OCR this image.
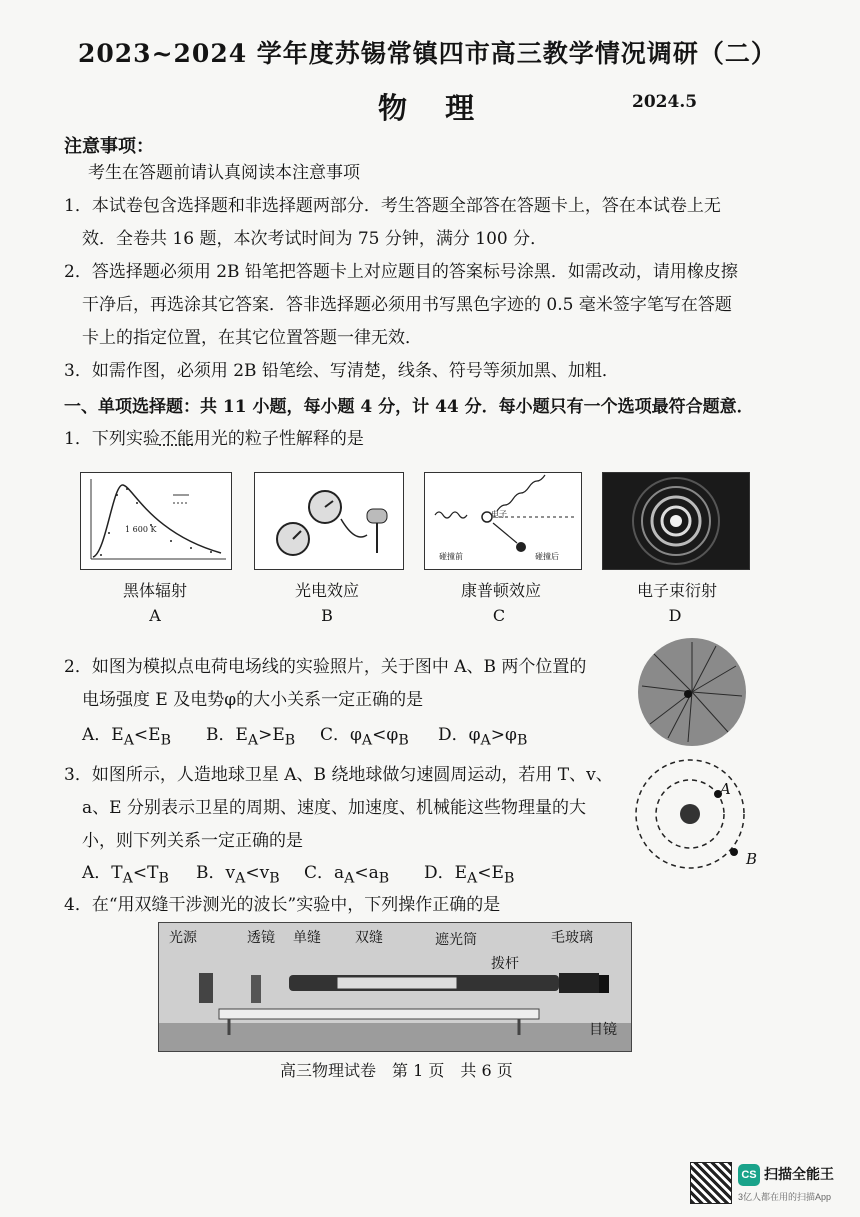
2023~2024 学年度苏锡常镇四市高三教学情况调研（二）
物 理	2024.5
注意事项：
考生在答题前请认真阅读本注意事项
1．本试卷包含选择题和非选择题两部分．考生答题全部答在答题卡上，答在本试卷上无
效．全卷共 16 题，本次考试时间为 75 分钟，满分 100 分．
2．答选择题必须用 2B 铅笔把答题卡上对应题目的答案标号涂黑．如需改动，请用橡皮擦
干净后，再选涂其它答案．答非选择题必须用书写黑色字迹的 0.5 毫米签字笔写在答题
卡上的指定位置，在其它位置答题一律无效．
3．如需作图，必须用 2B 铅笔绘、写清楚，线条、符号等须加黑、加粗．
一、单项选择题：共 11 小题，每小题 4 分，计 44 分．每小题只有一个选项最符合题意．
1．下列实验不能用光的粒子性解释的是
1 600 K
黑体辐射
A
光电效应
B
电子
碰撞前	碰撞后
康普顿效应
C
电子束衍射
D
2．如图为模拟点电荷电场线的实验照片，关于图中 A、B 两个位置的
电场强度 E 及电势φ的大小关系一定正确的是
A．$E_A<E_B$ B．$E_A>E_B$ C．$\varphi_A<\varphi_B$ D．$\varphi_A>\varphi_B$
3．如图所示，人造地球卫星 A、B 绕地球做匀速圆周运动，若用 T、v、
a、E 分别表示卫星的周期、速度、加速度、机械能这些物理量的大
小，则下列关系一定正确的是
A．$T_A<T_B$ B．$v_A<v_B$ C．$a_A<a_B$ D．$E_A<E_B$
A
B
4．在“用双缝干涉测光的波长”实验中，下列操作正确的是
光源	透镜 单缝 双缝	遮光筒	毛玻璃
拨杆
目镜
高三物理试卷　第 1 页　共 6 页
CS 扫描全能王
3亿人都在用的扫描App
